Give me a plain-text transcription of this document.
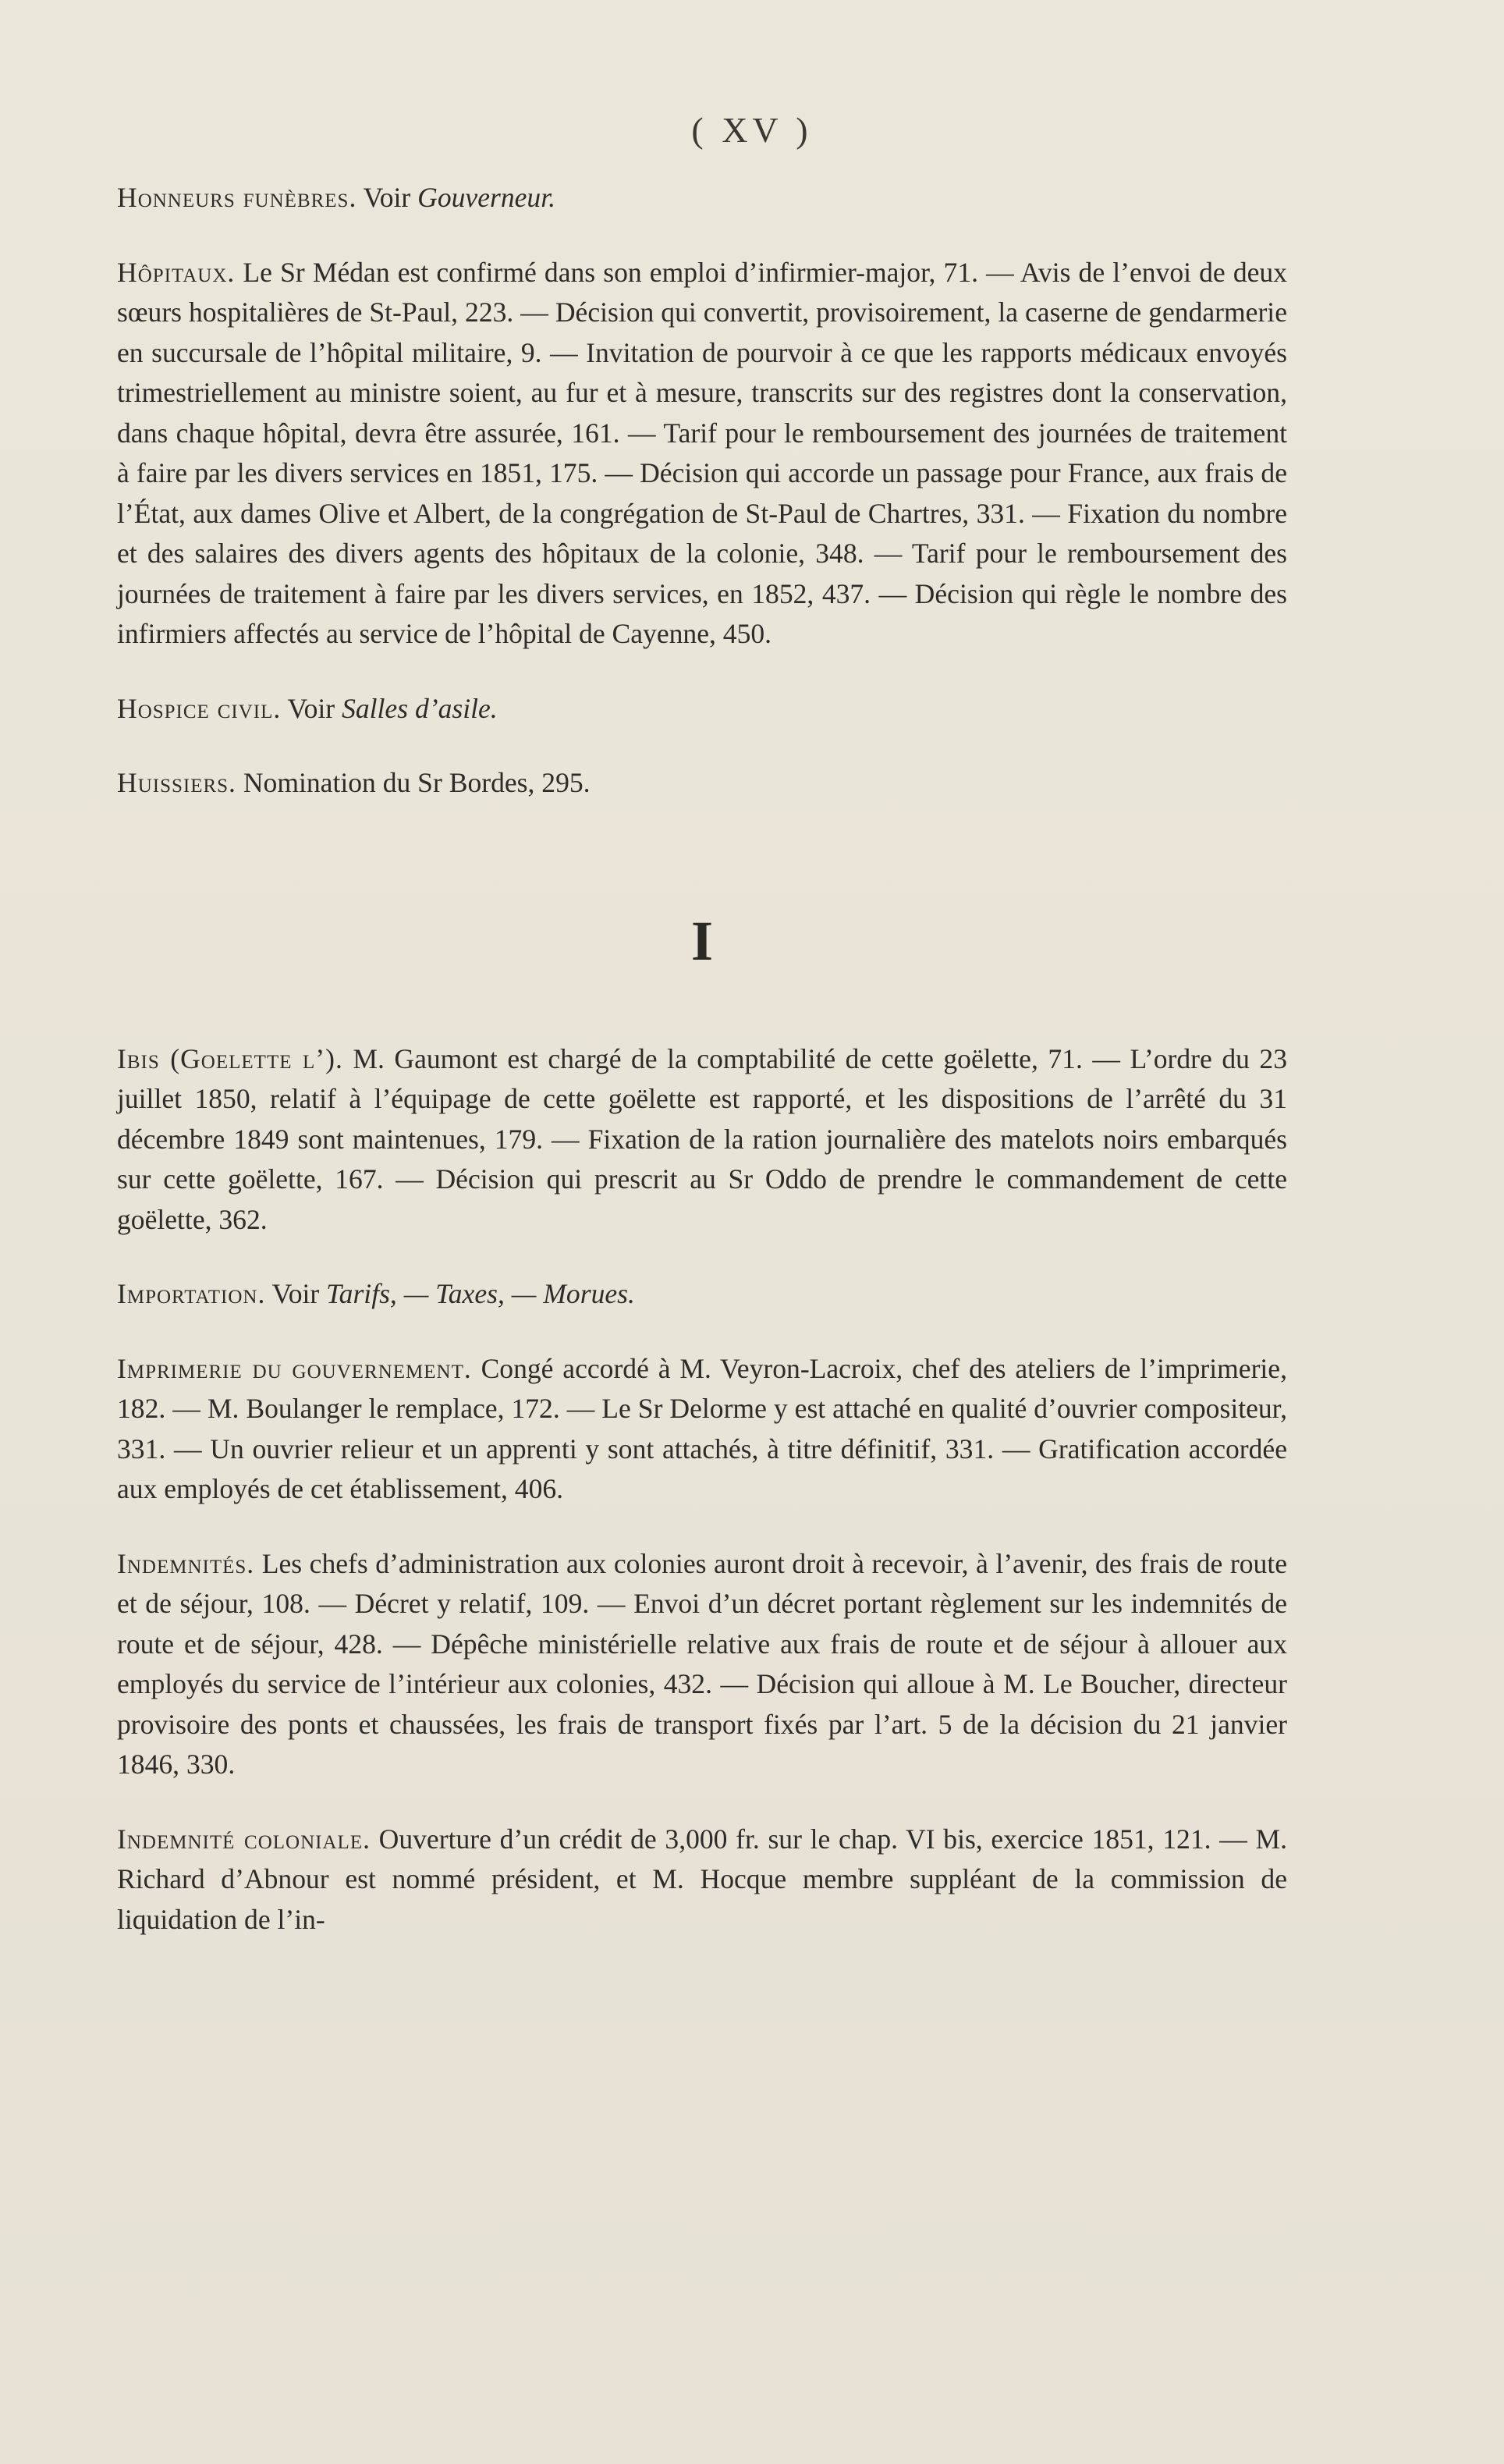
( XV )

Honneurs funèbres. Voir Gouverneur.

Hôpitaux. Le Sr Médan est confirmé dans son emploi d’infirmier-major, 71. — Avis de l’envoi de deux sœurs hospitalières de St-Paul, 223. — Décision qui convertit, provisoirement, la caserne de gendarmerie en succursale de l’hôpital militaire, 9. — Invitation de pourvoir à ce que les rapports médicaux envoyés trimestriellement au ministre soient, au fur et à mesure, transcrits sur des registres dont la conservation, dans chaque hôpital, devra être assurée, 161. — Tarif pour le remboursement des journées de traitement à faire par les divers services en 1851, 175. — Décision qui accorde un passage pour France, aux frais de l’État, aux dames Olive et Albert, de la congrégation de St-Paul de Chartres, 331. — Fixation du nombre et des salaires des divers agents des hôpitaux de la colonie, 348. — Tarif pour le remboursement des journées de traitement à faire par les divers services, en 1852, 437. — Décision qui règle le nombre des infirmiers affectés au service de l’hôpital de Cayenne, 450.

Hospice civil. Voir Salles d’asile.

Huissiers. Nomination du Sr Bordes, 295.

I

Ibis (Goelette l’). M. Gaumont est chargé de la comptabilité de cette goëlette, 71. — L’ordre du 23 juillet 1850, relatif à l’équipage de cette goëlette est rapporté, et les dispositions de l’arrêté du 31 décembre 1849 sont maintenues, 179. — Fixation de la ration journalière des matelots noirs embarqués sur cette goëlette, 167. — Décision qui prescrit au Sr Oddo de prendre le commandement de cette goëlette, 362.

Importation. Voir Tarifs, — Taxes, — Morues.

Imprimerie du gouvernement. Congé accordé à M. Veyron-Lacroix, chef des ateliers de l’imprimerie, 182. — M. Boulanger le remplace, 172. — Le Sr Delorme y est attaché en qualité d’ouvrier compositeur, 331. — Un ouvrier relieur et un apprenti y sont attachés, à titre définitif, 331. — Gratification accordée aux employés de cet établissement, 406.

Indemnités. Les chefs d’administration aux colonies auront droit à recevoir, à l’avenir, des frais de route et de séjour, 108. — Décret y relatif, 109. — Envoi d’un décret portant règlement sur les indemnités de route et de séjour, 428. — Dépêche ministérielle relative aux frais de route et de séjour à allouer aux employés du service de l’intérieur aux colonies, 432. — Décision qui alloue à M. Le Boucher, directeur provisoire des ponts et chaussées, les frais de transport fixés par l’art. 5 de la décision du 21 janvier 1846, 330.

Indemnité coloniale. Ouverture d’un crédit de 3,000 fr. sur le chap. VI bis, exercice 1851, 121. — M. Richard d’Abnour est nommé président, et M. Hocque membre suppléant de la commission de liquidation de l’in-
